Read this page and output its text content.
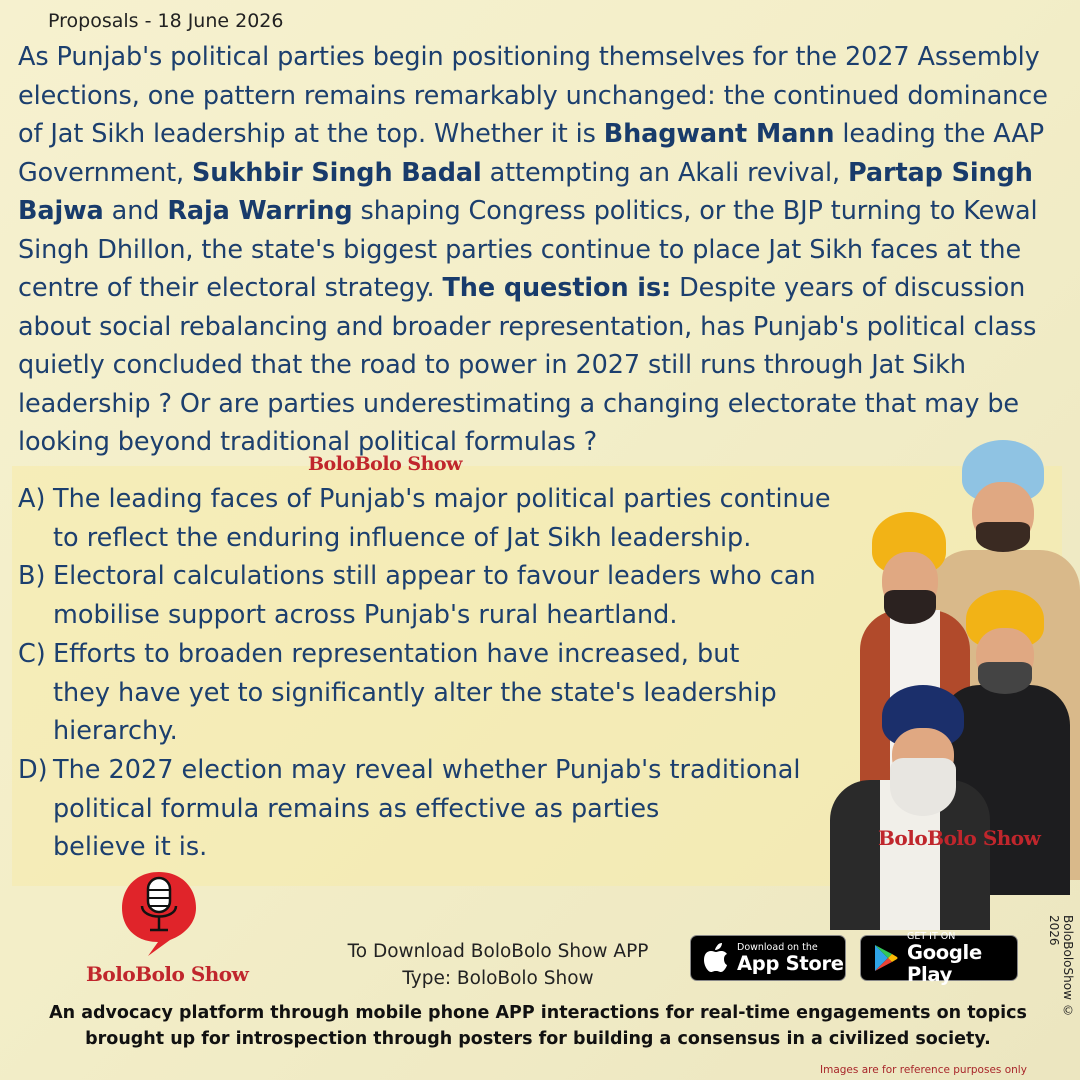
Proposals - 18 June 2026
As Punjab's political parties begin positioning themselves for the 2027 Assembly elections, one pattern remains remarkably unchanged: the continued dominance of Jat Sikh leadership at the top. Whether it is Bhagwant Mann leading the AAP Government, Sukhbir Singh Badal attempting an Akali revival, Partap Singh Bajwa and Raja Warring shaping Congress politics, or the BJP turning to Kewal Singh Dhillon, the state's biggest parties continue to place Jat Sikh faces at the centre of their electoral strategy. The question is: Despite years of discussion about social rebalancing and broader representation, has Punjab's political class quietly concluded that the road to power in 2027 still runs through Jat Sikh leadership ? Or are parties underestimating a changing electorate that may be looking beyond traditional political formulas ?
BoloBolo Show
A) The leading faces of Punjab's major political parties continue
to reflect the enduring influence of Jat Sikh leadership.
B) Electoral calculations still appear to favour leaders who can
mobilise support across Punjab's rural heartland.
C) Efforts to broaden representation have increased, but
they have yet to significantly alter the state's leadership
hierarchy.
D) The 2027 election may reveal whether Punjab's traditional
political formula remains as effective as parties
believe it is.	BoloBolo Show
BoloBolo Show
To Download BoloBolo Show APP
Type: BoloBolo Show
Download on the
App Store
GET IT ON
Google Play
An advocacy platform through mobile phone APP interactions for real-time engagements on topics
brought up for introspection through posters for building a consensus in a civilized society.
BoloBoloShow © 2026
Images are for reference purposes only
